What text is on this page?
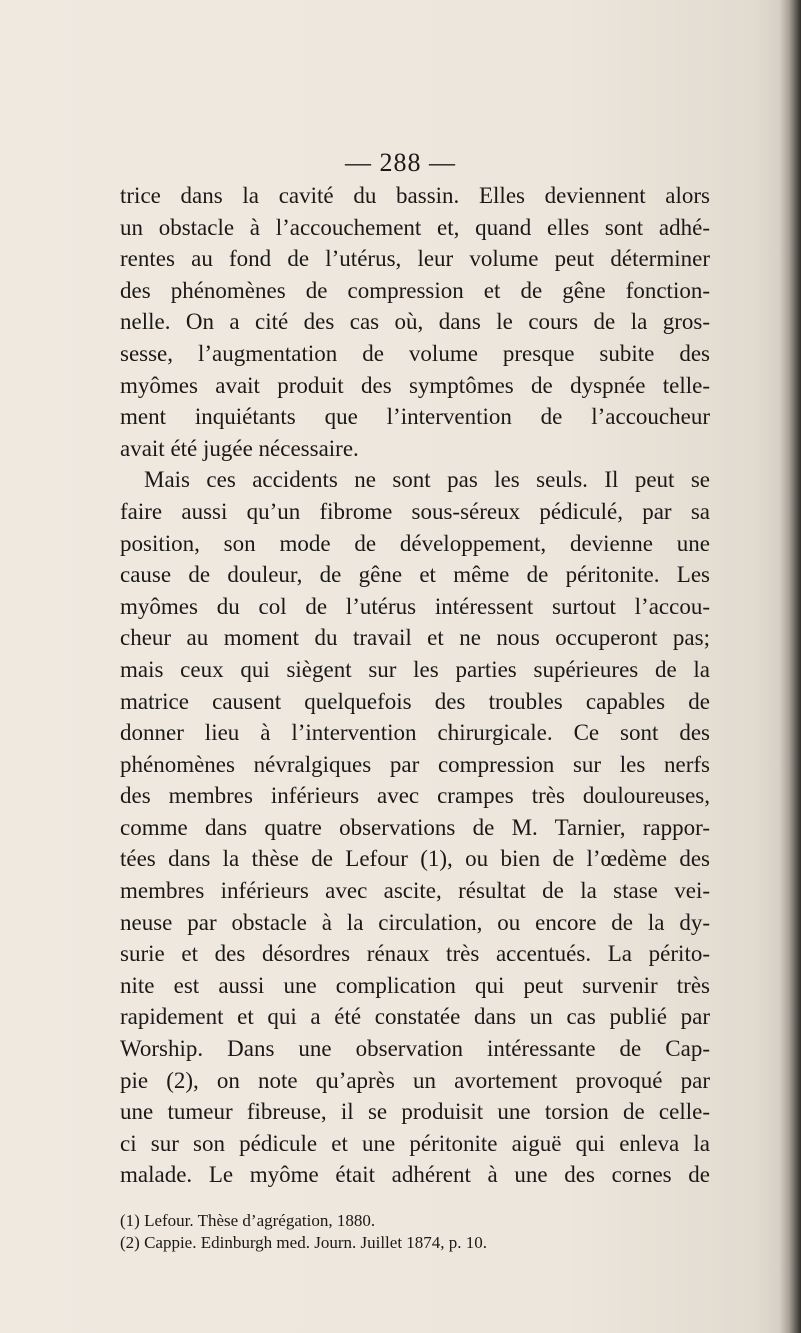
— 288 —
trice dans la cavité du bassin. Elles deviennent alors
un obstacle à l’accouchement et, quand elles sont adhé-
rentes au fond de l’utérus, leur volume peut déterminer
des phénomènes de compression et de gêne fonction-
nelle. On a cité des cas où, dans le cours de la gros-
sesse, l’augmentation de volume presque subite des
myômes avait produit des symptômes de dyspnée telle-
ment inquiétants que l’intervention de l’accoucheur
avait été jugée nécessaire.
Mais ces accidents ne sont pas les seuls. Il peut se
faire aussi qu’un fibrome sous-séreux pédiculé, par sa
position, son mode de développement, devienne une
cause de douleur, de gêne et même de péritonite. Les
myômes du col de l’utérus intéressent surtout l’accou-
cheur au moment du travail et ne nous occuperont pas;
mais ceux qui siègent sur les parties supérieures de la
matrice causent quelquefois des troubles capables de
donner lieu à l’intervention chirurgicale. Ce sont des
phénomènes névralgiques par compression sur les nerfs
des membres inférieurs avec crampes très douloureuses,
comme dans quatre observations de M. Tarnier, rappor-
tées dans la thèse de Lefour (1), ou bien de l’œdème des
membres inférieurs avec ascite, résultat de la stase vei-
neuse par obstacle à la circulation, ou encore de la dy-
surie et des désordres rénaux très accentués. La périto-
nite est aussi une complication qui peut survenir très
rapidement et qui a été constatée dans un cas publié par
Worship. Dans une observation intéressante de Cap-
pie (2), on note qu’après un avortement provoqué par
une tumeur fibreuse, il se produisit une torsion de celle-
ci sur son pédicule et une péritonite aiguë qui enleva la
malade. Le myôme était adhérent à une des cornes de
(1) Lefour. Thèse d’agrégation, 1880.
(2) Cappie. Edinburgh med. Journ. Juillet 1874, p. 10.
